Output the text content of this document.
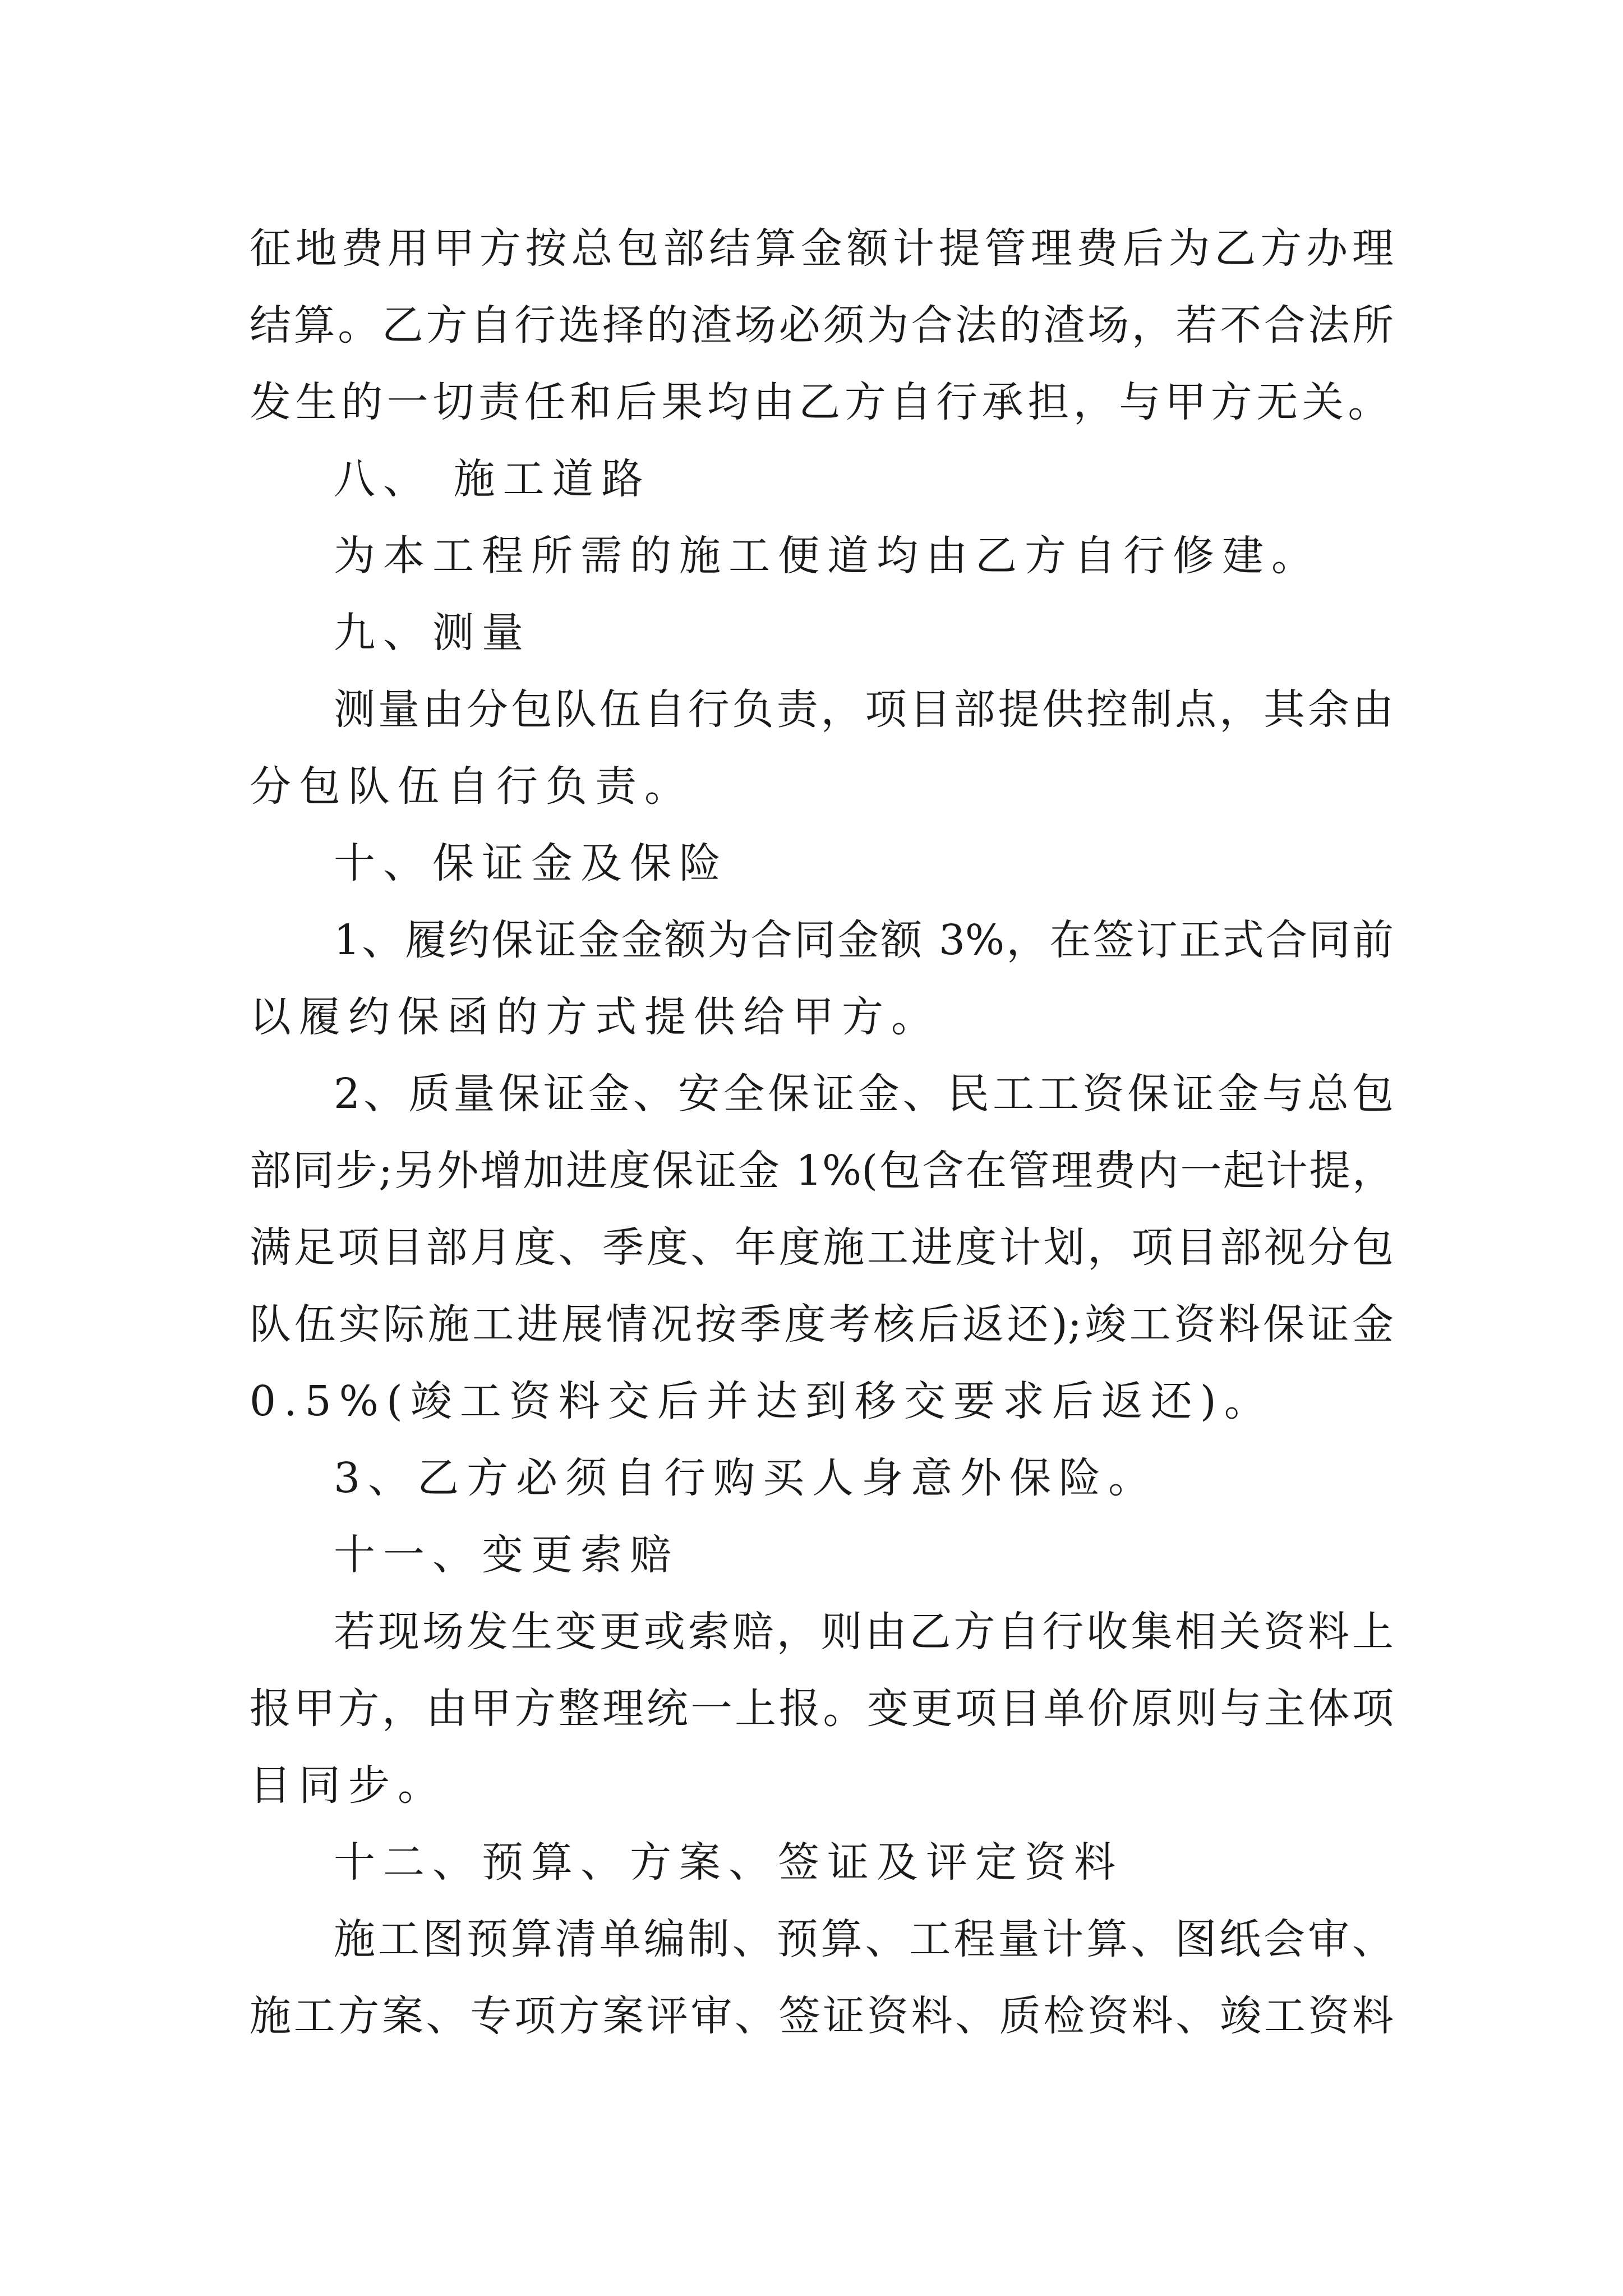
征地费用甲方按总包部结算金额计提管理费后为乙方办理
结算。乙方自行选择的渣场必须为合法的渣场，若不合法所
发生的一切责任和后果均由乙方自行承担，与甲方无关。
八、 施工道路
为本工程所需的施工便道均由乙方自行修建。
九、测量
测量由分包队伍自行负责，项目部提供控制点，其余由
分包队伍自行负责。
十、保证金及保险
1、履约保证金金额为合同金额 3%，在签订正式合同前
以履约保函的方式提供给甲方。
2、质量保证金、安全保证金、民工工资保证金与总包
部同步;另外增加进度保证金 1%(包含在管理费内一起计提，
满足项目部月度、季度、年度施工进度计划，项目部视分包
队伍实际施工进展情况按季度考核后返还);竣工资料保证金
0.5%(竣工资料交后并达到移交要求后返还)。
3、乙方必须自行购买人身意外保险。
十一、变更索赔
若现场发生变更或索赔，则由乙方自行收集相关资料上
报甲方，由甲方整理统一上报。变更项目单价原则与主体项
目同步。
十二、预算、方案、签证及评定资料
施工图预算清单编制、预算、工程量计算、图纸会审、
施工方案、专项方案评审、签证资料、质检资料、竣工资料
